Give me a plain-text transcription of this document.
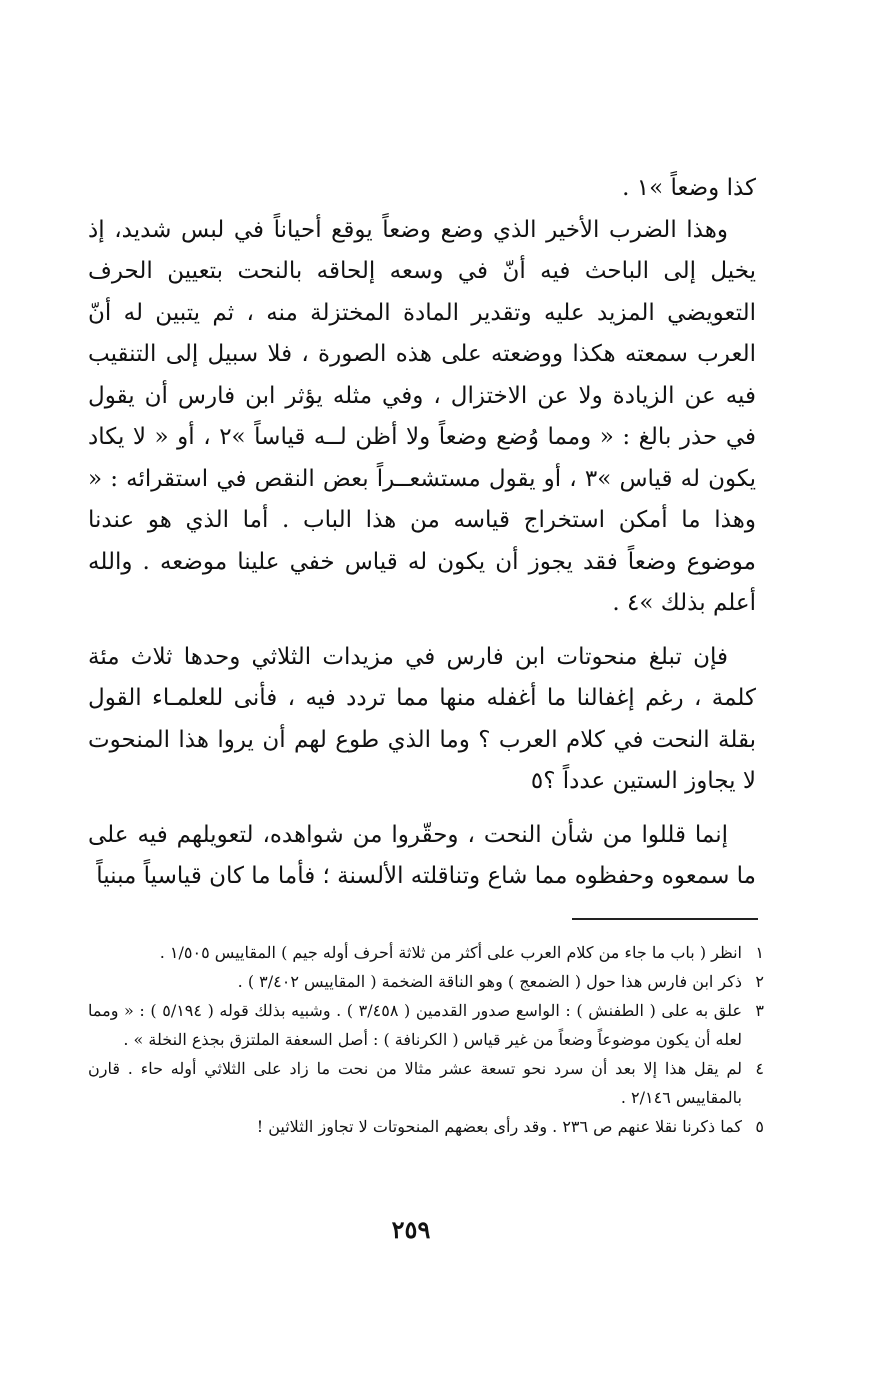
كذا وضعاً »١ .

وهذا الضرب الأخير الذي وضع وضعاً يوقع أحياناً في لبس شديد، إذ يخيل إلى الباحث فيه أنّ في وسعه إلحاقه بالنحت بتعيين الحرف التعويضي المزيد عليه وتقدير المادة المختزلة منه ، ثم يتبين له أنّ العرب سمعته هكذا ووضعته على هذه الصورة ، فلا سبيل إلى التنقيب فيه عن الزيادة ولا عن الاختزال ، وفي مثله يؤثر ابن فارس أن يقول في حذر بالغ : « ومما وُضع وضعاً ولا أظن لــه قياساً »٢ ، أو « لا يكاد يكون له قياس »٣ ، أو يقول مستشعــراً بعض النقص في استقرائه : « وهذا ما أمكن استخراج قياسه من هذا الباب . أما الذي هو عندنا موضوع وضعاً فقد يجوز أن يكون له قياس خفي علينا موضعه . والله أعلم بذلك »٤ .

فإن تبلغ منحوتات ابن فارس في مزيدات الثلاثي وحدها ثلاث مئة كلمة ، رغم إغفالنا ما أغفله منها مما تردد فيه ، فأنى للعلمـاء القول بقلة النحت في كلام العرب ؟ وما الذي طوع لهم أن يروا هذا المنحوت لا يجاوز الستين عدداً ؟٥

إنما قللوا من شأن النحت ، وحقّروا من شواهده، لتعويلهم فيه على ما سمعوه وحفظوه مما شاع وتناقلته الألسنة ؛ فأما ما كان قياسياً مبنياً

١
انظر ( باب ما جاء من كلام العرب على أكثر من ثلاثة أحرف أوله جيم ) المقاييس ١/٥٠٥ .
٢
ذكر ابن فارس هذا حول ( الضمعج ) وهو الناقة الضخمة ( المقاييس ٣/٤٠٢ ) .
٣
علق به على ( الطفنش ) : الواسع صدور القدمين ( ٣/٤٥٨ ) . وشبيه بذلك قوله ( ٥/١٩٤ ) : « ومما لعله أن يكون موضوعاً وضعاً من غير قياس ( الكرنافة ) : أصل السعفة الملتزق بجذع النخلة » .
٤
لم يقل هذا إلا بعد أن سرد نحو تسعة عشر مثالا من نحت ما زاد على الثلاثي أوله حاء . قارن بالمقاييس ٢/١٤٦ .
٥
كما ذكرنا نقلا عنهم ص ٢٣٦ . وقد رأى بعضهم المنحوتات لا تجاوز الثلاثين !
٢٥٩
